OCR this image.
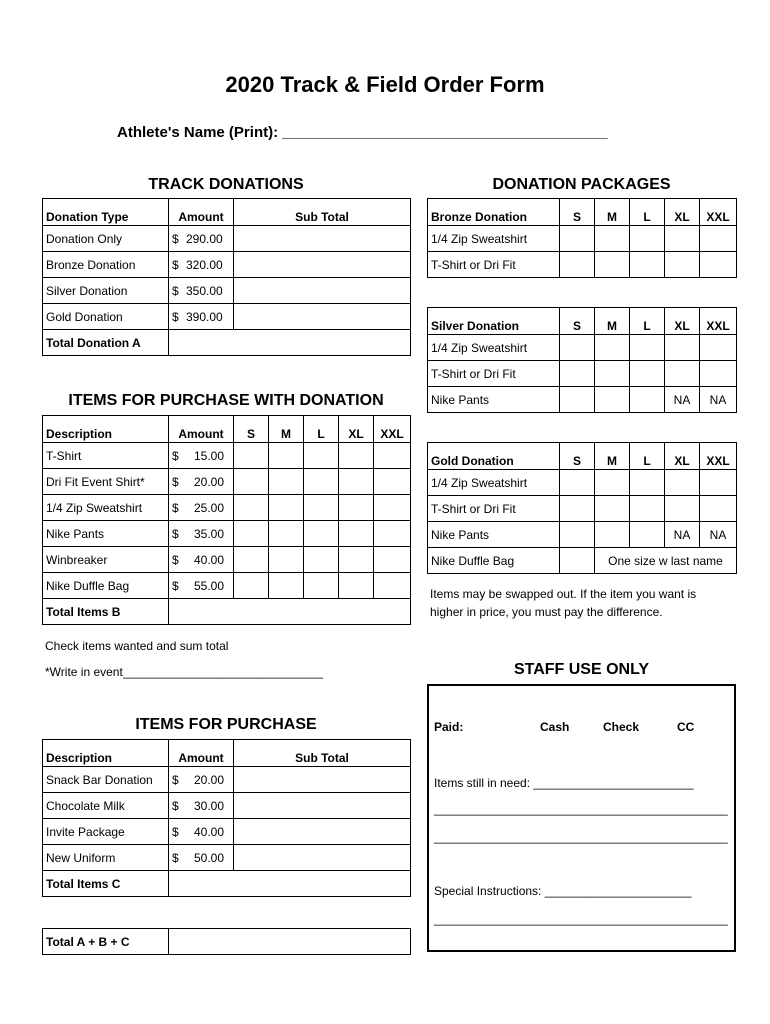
2020 Track & Field Order Form
Athlete's Name (Print): _______________________________________
TRACK DONATIONS
Donation Type	Amount	Sub Total
Donation Only	$ 290.00	
Bronze Donation	$ 320.00	
Silver Donation	$ 350.00	
Gold Donation	$ 390.00	
Total Donation A		
ITEMS FOR PURCHASE WITH DONATION
Description	Amount	S	M	L	XL	XXL
T-Shirt	$ 15.00					
Dri Fit Event Shirt*	$ 20.00					
1/4 Zip Sweatshirt	$ 25.00					
Nike Pants	$ 35.00					
Winbreaker	$ 40.00					
Nike Duffle Bag	$ 55.00					
Total Items B						
Check items wanted and sum total
*Write in event______________________________
ITEMS FOR PURCHASE
Description	Amount	Sub Total
Snack Bar Donation	$ 20.00	
Chocolate Milk	$ 30.00	
Invite Package	$ 40.00	
New Uniform	$ 50.00	
Total Items C		
Total A + B + C	
DONATION PACKAGES
Bronze Donation	S	M	L	XL	XXL
1/4 Zip Sweatshirt					
T-Shirt or Dri Fit					
Silver Donation	S	M	L	XL	XXL
1/4 Zip Sweatshirt					
T-Shirt or Dri Fit					
Nike Pants				NA	NA
Gold Donation	S	M	L	XL	XXL
1/4 Zip Sweatshirt					
T-Shirt or Dri Fit					
Nike Pants				NA	NA
Nike Duffle Bag		One size w last name			
Items may be swapped out. If the item you want is
higher in price, you must pay the difference.
STAFF USE ONLY
Paid:	Cash	Check	CC
Items still in need: ________________________
____________________________________________
____________________________________________
Special Instructions: ______________________
____________________________________________
